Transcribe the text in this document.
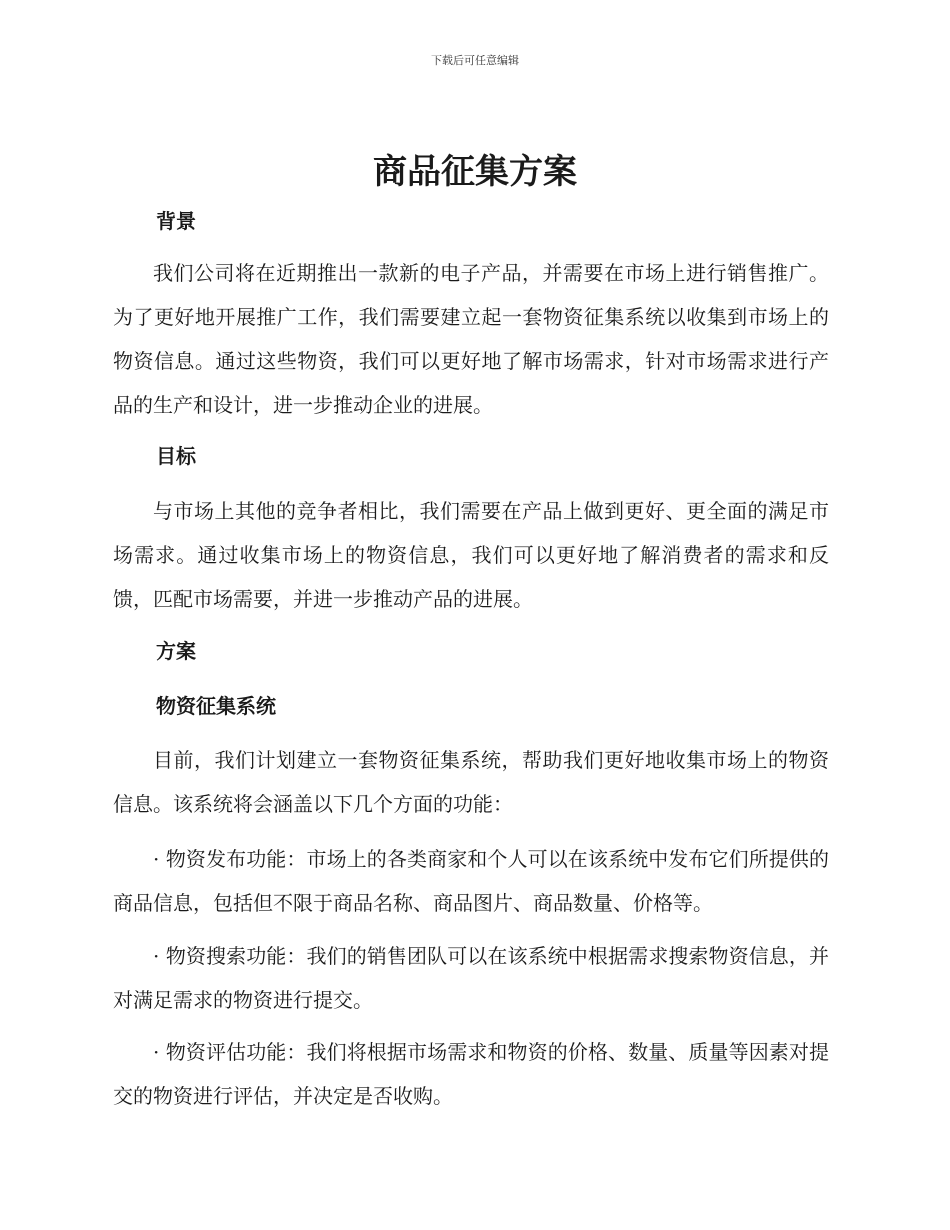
下载后可任意编辑
商品征集方案
背景

我们公司将在近期推出一款新的电子产品，并需要在市场上进行销售推广。为了更好地开展推广工作，我们需要建立起一套物资征集系统以收集到市场上的物资信息。通过这些物资，我们可以更好地了解市场需求，针对市场需求进行产品的生产和设计，进一步推动企业的进展。

目标

与市场上其他的竞争者相比，我们需要在产品上做到更好、更全面的满足市场需求。通过收集市场上的物资信息，我们可以更好地了解消费者的需求和反馈，匹配市场需要，并进一步推动产品的进展。

方案
物资征集系统

目前，我们计划建立一套物资征集系统，帮助我们更好地收集市场上的物资信息。该系统将会涵盖以下几个方面的功能：

· 物资发布功能：市场上的各类商家和个人可以在该系统中发布它们所提供的商品信息，包括但不限于商品名称、商品图片、商品数量、价格等。

· 物资搜索功能：我们的销售团队可以在该系统中根据需求搜索物资信息，并对满足需求的物资进行提交。

· 物资评估功能：我们将根据市场需求和物资的价格、数量、质量等因素对提交的物资进行评估，并决定是否收购。
